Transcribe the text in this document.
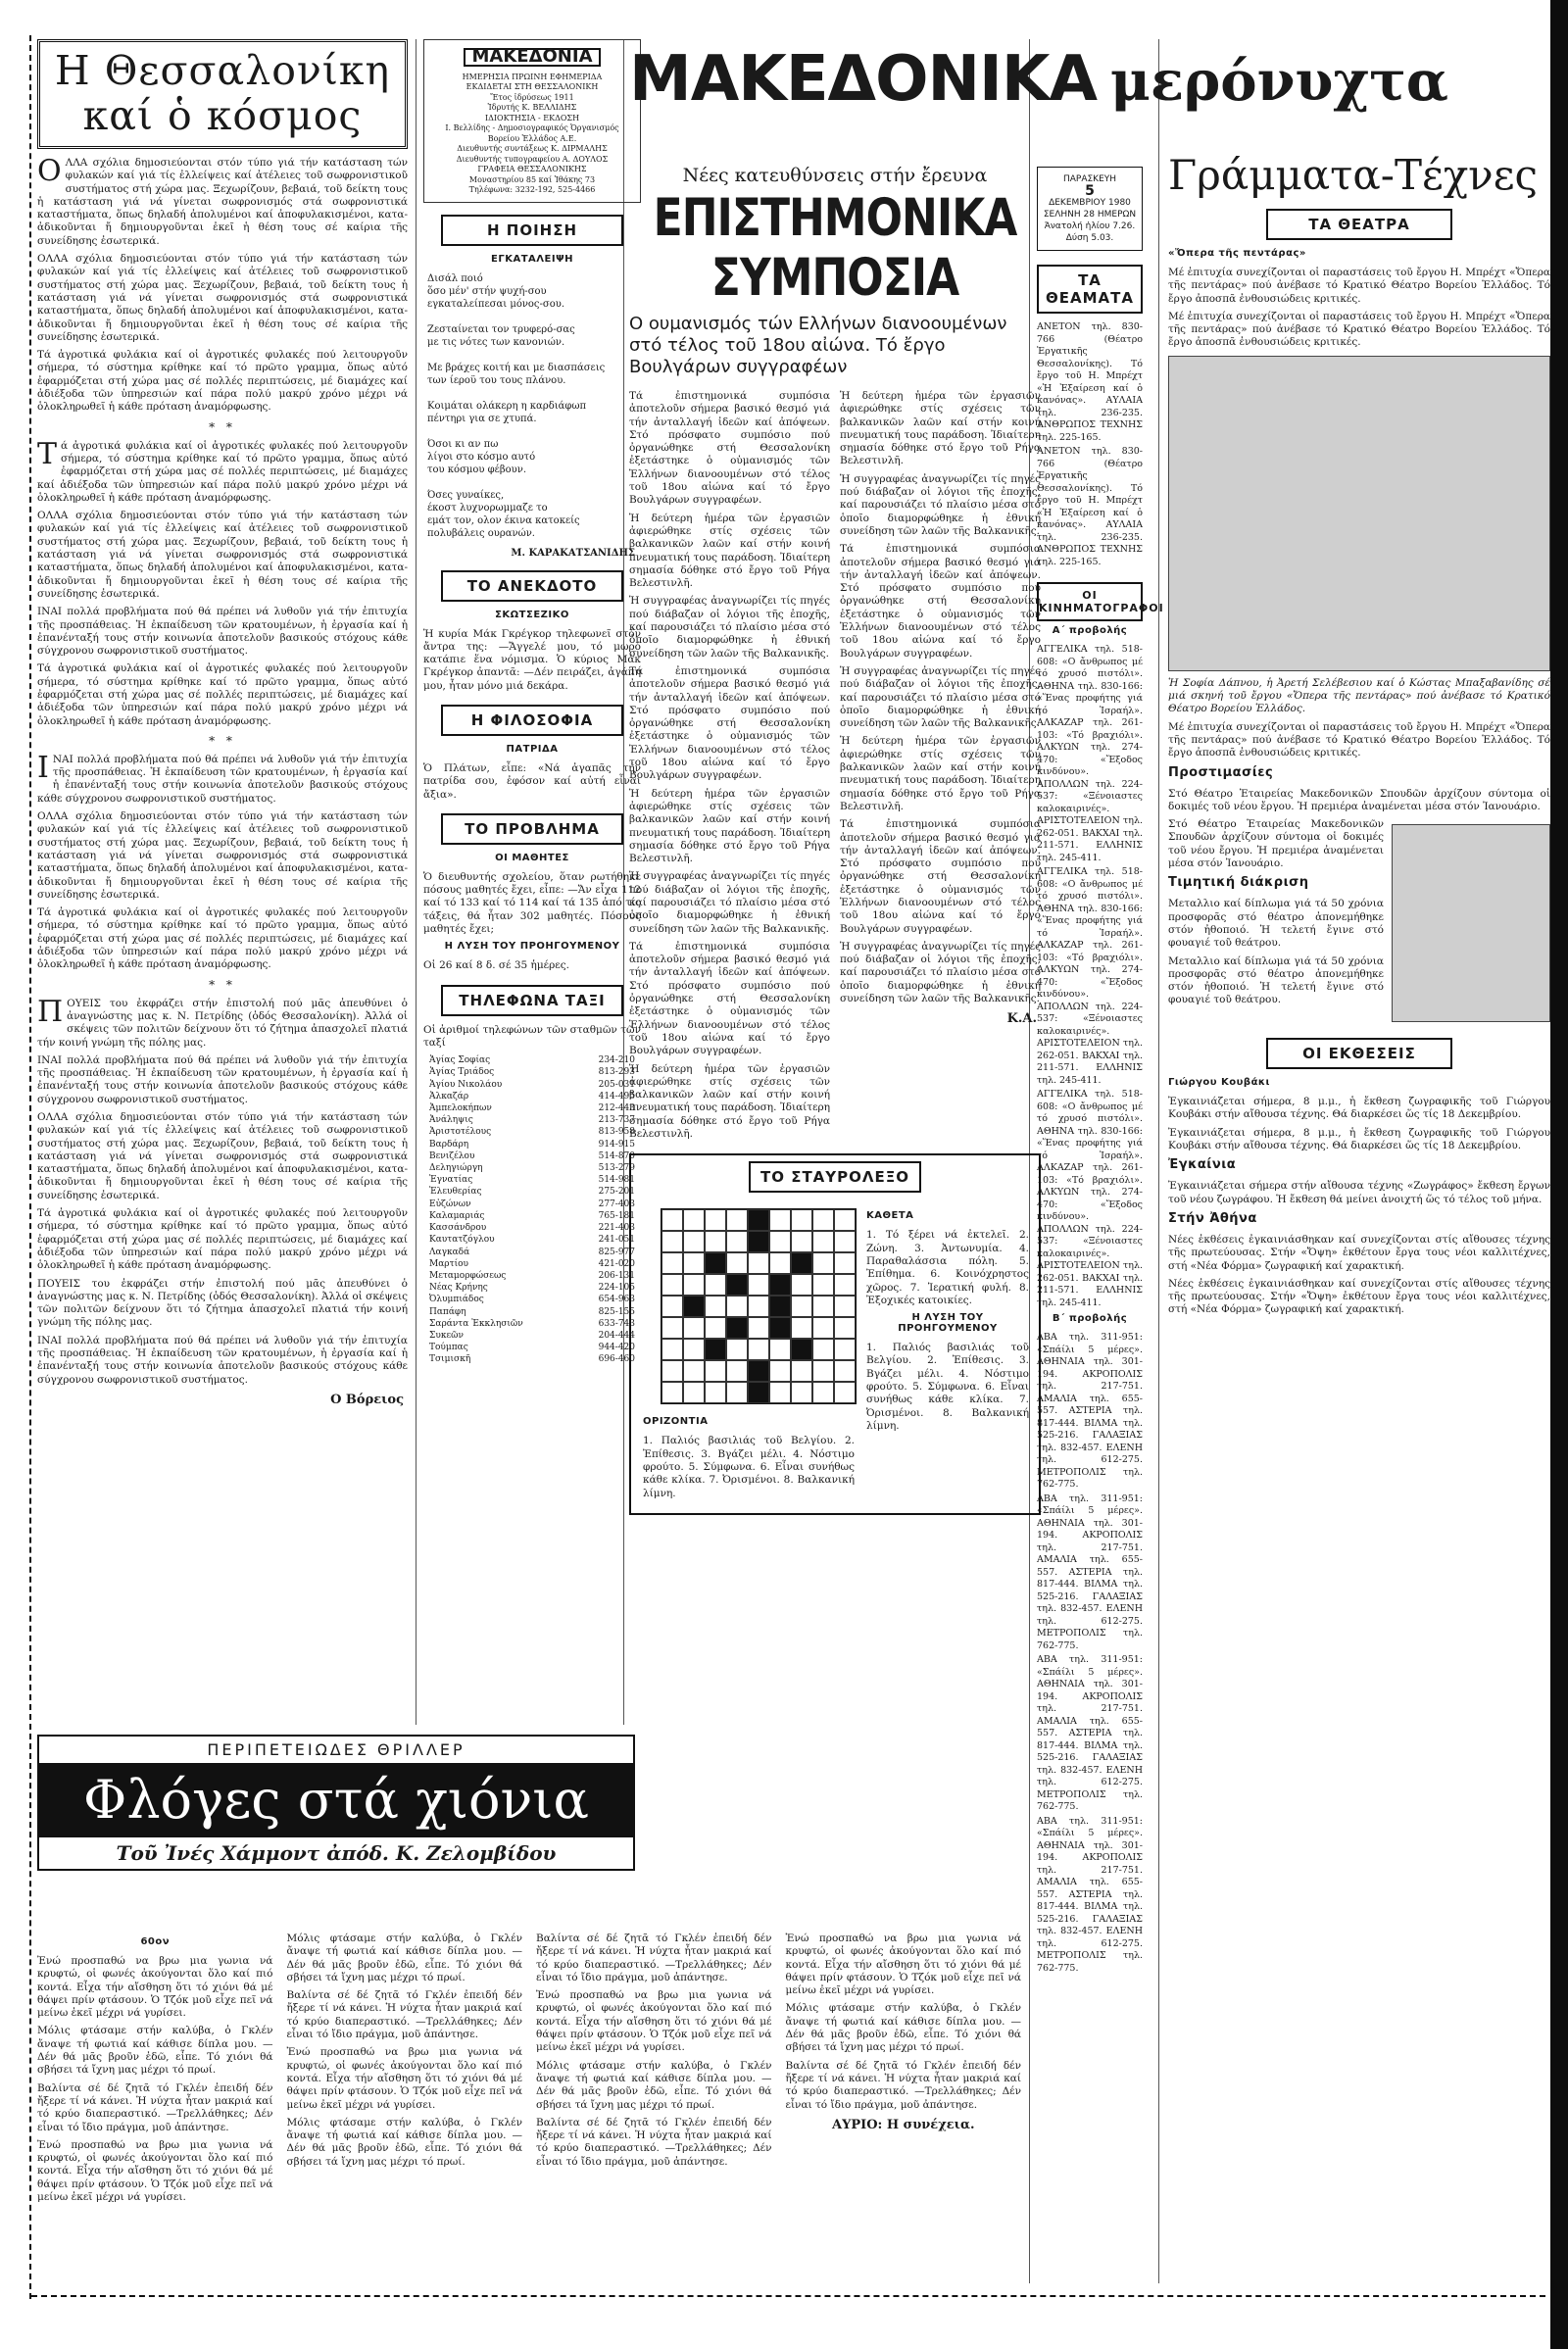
Η Θεσσαλονίκη καί ὁ κόσμος

ΟΛΛΑ σχόλια δημοσιεύονται στόν τύπο γιά τήν κατάσταση τών φυλακών καί γιά τίς ἐλλείψεις καί ἀτέλειες τοῦ σωφρονιστικοῦ συστήματος στή χώρα μας. Ξεχωρίζουν, βεβαιά, τοῦ δείκτη τους ἡ κατάσταση γιά νά γίνεται σωφρονισμός στά σωφρονιστικά καταστήματα, ὅπως δηλαδή ἀπολυμένοι καί ἀποφυλακισμένοι, κατα- ἀδικοῦνται ἤ δημιουργοῦνται ἐκεῖ ἡ θέση τους σέ καίρια τῆς συνείδησης ἐσωτερικά.

ΟΛΛΑ σχόλια δημοσιεύονται στόν τύπο γιά τήν κατάσταση τών φυλακών καί γιά τίς ἐλλείψεις καί ἀτέλειες τοῦ σωφρονιστικοῦ συστήματος στή χώρα μας. Ξεχωρίζουν, βεβαιά, τοῦ δείκτη τους ἡ κατάσταση γιά νά γίνεται σωφρονισμός στά σωφρονιστικά καταστήματα, ὅπως δηλαδή ἀπολυμένοι καί ἀποφυλακισμένοι, κατα- ἀδικοῦνται ἤ δημιουργοῦνται ἐκεῖ ἡ θέση τους σέ καίρια τῆς συνείδησης ἐσωτερικά.

Τά ἀγροτικά φυλάκια καί οἱ ἀγροτικές φυλακές πού λειτουργοῦν σήμερα, τό σύστημα κρίθηκε καί τό πρῶτο γραμμα, ὅπως αὐτό ἐφαρμόζεται στή χώρα μας σέ πολλές περιπτώσεις, μέ διαμάχες καί ἀδιέξοδα τῶν ὑπηρεσιών καί πάρα πολύ μακρύ χρόνο μέχρι νά ὁλοκληρωθεῖ ἡ κάθε πρόταση ἀναμόρφωσης.

* *

Τά ἀγροτικά φυλάκια καί οἱ ἀγροτικές φυλακές πού λειτουργοῦν σήμερα, τό σύστημα κρίθηκε καί τό πρῶτο γραμμα, ὅπως αὐτό ἐφαρμόζεται στή χώρα μας σέ πολλές περιπτώσεις, μέ διαμάχες καί ἀδιέξοδα τῶν ὑπηρεσιών καί πάρα πολύ μακρύ χρόνο μέχρι νά ὁλοκληρωθεῖ ἡ κάθε πρόταση ἀναμόρφωσης.

ΟΛΛΑ σχόλια δημοσιεύονται στόν τύπο γιά τήν κατάσταση τών φυλακών καί γιά τίς ἐλλείψεις καί ἀτέλειες τοῦ σωφρονιστικοῦ συστήματος στή χώρα μας. Ξεχωρίζουν, βεβαιά, τοῦ δείκτη τους ἡ κατάσταση γιά νά γίνεται σωφρονισμός στά σωφρονιστικά καταστήματα, ὅπως δηλαδή ἀπολυμένοι καί ἀποφυλακισμένοι, κατα- ἀδικοῦνται ἤ δημιουργοῦνται ἐκεῖ ἡ θέση τους σέ καίρια τῆς συνείδησης ἐσωτερικά.

ΙΝΑΙ πολλά προβλήματα πού θά πρέπει νά λυθοῦν γιά τήν ἐπιτυχία τῆς προσπάθειας. Ἡ ἐκπαίδευση τῶν κρατουμένων, ἡ ἐργασία καί ἡ ἐπανένταξή τους στήν κοινωνία ἀποτελοῦν βασικούς στόχους κάθε σύγχρονου σωφρονιστικοῦ συστήματος.

Τά ἀγροτικά φυλάκια καί οἱ ἀγροτικές φυλακές πού λειτουργοῦν σήμερα, τό σύστημα κρίθηκε καί τό πρῶτο γραμμα, ὅπως αὐτό ἐφαρμόζεται στή χώρα μας σέ πολλές περιπτώσεις, μέ διαμάχες καί ἀδιέξοδα τῶν ὑπηρεσιών καί πάρα πολύ μακρύ χρόνο μέχρι νά ὁλοκληρωθεῖ ἡ κάθε πρόταση ἀναμόρφωσης.

* *

ΙΝΑΙ πολλά προβλήματα πού θά πρέπει νά λυθοῦν γιά τήν ἐπιτυχία τῆς προσπάθειας. Ἡ ἐκπαίδευση τῶν κρατουμένων, ἡ ἐργασία καί ἡ ἐπανένταξή τους στήν κοινωνία ἀποτελοῦν βασικούς στόχους κάθε σύγχρονου σωφρονιστικοῦ συστήματος.

ΟΛΛΑ σχόλια δημοσιεύονται στόν τύπο γιά τήν κατάσταση τών φυλακών καί γιά τίς ἐλλείψεις καί ἀτέλειες τοῦ σωφρονιστικοῦ συστήματος στή χώρα μας. Ξεχωρίζουν, βεβαιά, τοῦ δείκτη τους ἡ κατάσταση γιά νά γίνεται σωφρονισμός στά σωφρονιστικά καταστήματα, ὅπως δηλαδή ἀπολυμένοι καί ἀποφυλακισμένοι, κατα- ἀδικοῦνται ἤ δημιουργοῦνται ἐκεῖ ἡ θέση τους σέ καίρια τῆς συνείδησης ἐσωτερικά.

Τά ἀγροτικά φυλάκια καί οἱ ἀγροτικές φυλακές πού λειτουργοῦν σήμερα, τό σύστημα κρίθηκε καί τό πρῶτο γραμμα, ὅπως αὐτό ἐφαρμόζεται στή χώρα μας σέ πολλές περιπτώσεις, μέ διαμάχες καί ἀδιέξοδα τῶν ὑπηρεσιών καί πάρα πολύ μακρύ χρόνο μέχρι νά ὁλοκληρωθεῖ ἡ κάθε πρόταση ἀναμόρφωσης.

* *

ΠΟΥΕΙΣ του ἐκφράζει στήν ἐπιστολή πού μᾶς ἀπευθύνει ὁ ἀναγνώστης μας κ. Ν. Πετρίδης (ὁδός Θεσσαλονίκη). Ἀλλά οἱ σκέψεις τῶν πολιτῶν δείχνουν ὅτι τό ζήτημα ἀπασχολεῖ πλατιά τήν κοινή γνώμη τῆς πόλης μας.

ΙΝΑΙ πολλά προβλήματα πού θά πρέπει νά λυθοῦν γιά τήν ἐπιτυχία τῆς προσπάθειας. Ἡ ἐκπαίδευση τῶν κρατουμένων, ἡ ἐργασία καί ἡ ἐπανένταξή τους στήν κοινωνία ἀποτελοῦν βασικούς στόχους κάθε σύγχρονου σωφρονιστικοῦ συστήματος.

ΟΛΛΑ σχόλια δημοσιεύονται στόν τύπο γιά τήν κατάσταση τών φυλακών καί γιά τίς ἐλλείψεις καί ἀτέλειες τοῦ σωφρονιστικοῦ συστήματος στή χώρα μας. Ξεχωρίζουν, βεβαιά, τοῦ δείκτη τους ἡ κατάσταση γιά νά γίνεται σωφρονισμός στά σωφρονιστικά καταστήματα, ὅπως δηλαδή ἀπολυμένοι καί ἀποφυλακισμένοι, κατα- ἀδικοῦνται ἤ δημιουργοῦνται ἐκεῖ ἡ θέση τους σέ καίρια τῆς συνείδησης ἐσωτερικά.

Τά ἀγροτικά φυλάκια καί οἱ ἀγροτικές φυλακές πού λειτουργοῦν σήμερα, τό σύστημα κρίθηκε καί τό πρῶτο γραμμα, ὅπως αὐτό ἐφαρμόζεται στή χώρα μας σέ πολλές περιπτώσεις, μέ διαμάχες καί ἀδιέξοδα τῶν ὑπηρεσιών καί πάρα πολύ μακρύ χρόνο μέχρι νά ὁλοκληρωθεῖ ἡ κάθε πρόταση ἀναμόρφωσης.

ΠΟΥΕΙΣ του ἐκφράζει στήν ἐπιστολή πού μᾶς ἀπευθύνει ὁ ἀναγνώστης μας κ. Ν. Πετρίδης (ὁδός Θεσσαλονίκη). Ἀλλά οἱ σκέψεις τῶν πολιτῶν δείχνουν ὅτι τό ζήτημα ἀπασχολεῖ πλατιά τήν κοινή γνώμη τῆς πόλης μας.

ΙΝΑΙ πολλά προβλήματα πού θά πρέπει νά λυθοῦν γιά τήν ἐπιτυχία τῆς προσπάθειας. Ἡ ἐκπαίδευση τῶν κρατουμένων, ἡ ἐργασία καί ἡ ἐπανένταξή τους στήν κοινωνία ἀποτελοῦν βασικούς στόχους κάθε σύγχρονου σωφρονιστικοῦ συστήματος.

Ο Βόρειος
ΜΑΚΕΔΟΝΙΑ
ΗΜΕΡΗΣΙΑ ΠΡΩΙΝΗ ΕΦΗΜΕΡΙΔΑ
ΕΚΔΙΔΕΤΑΙ ΣΤΗ ΘΕΣΣΑΛΟΝΙΚΗ
Ἔτος ἱδρύσεως 1911
Ἱδρυτής Κ. ΒΕΛΛΙΔΗΣ
ΙΔΙΟΚΤΗΣΙΑ - ΕΚΔΟΣΗ
Ι. Βελλίδης - Δημοσιογραφικός Ὀργανισμός Βορείου Ἑλλάδος Α.Ε.
Διευθυντής συντάξεως Κ. ΔΙΡΜΑΛΗΣ
Διευθυντής τυπογραφείου Α. ΔΟΥΛΟΣ
ΓΡΑΦΕΙΑ ΘΕΣΣΑΛΟΝΙΚΗΣ
Μοναστηρίου 85 καί Ἰθάκης 73
Τηλέφωνα: 3232-192, 525-4466
Η ΠΟΙΗΣΗ
ΕΓΚΑΤΑΛΕΙΨΗ
Δισάλ ποιό
ὅσο μέν' στήν ψυχή-σου
εγκαταλείπεσαι μόνος-σου.

Ζεσταίνεται τον τρυφερό-σας
με τις νότες των κανονιών.

Με βράχες κοιτή και με διασπάσεις
των ίεροϋ του τους πλάνου.

Κοιμάται ολάκερη η καρδιάφωπ
πέντηρι για σε χτυπά.

Όσοι κι αν πω
λίγοι στο κόσμο αυτό
του κόσμου φέβουν.

Όσες γυναίκες,
έκοστ λυχνορωμμαζε το
εμάτ τον, ολον έκινα κατοκείς
πολυβάλεις ουρανών.
Μ. ΚΑΡΑΚΑΤΣΑΝΙΔΗΣ
ΤΟ ΑΝΕΚΔΟΤΟ
ΣΚΩΤΣΕΖΙΚΟ

Ἡ κυρία Μάκ Γκρέγκορ τηλεφωνεῖ στόν ἄντρα της: —Ἄγγελέ μου, τό μωρό κατάπιε ἕνα νόμισμα. Ὁ κύριος Μάκ Γκρέγκορ ἀπαντᾶ: —Δέν πειράζει, ἀγάπη μου, ἦταν μόνο μιά δεκάρα.

Η ΦΙΛΟΣΟΦΙΑ
ΠΑΤΡΙΔΑ

Ὁ Πλάτων, εἶπε: «Νά ἀγαπᾶς τήν πατρίδα σου, ἐφόσον καί αὐτή εἶναι ἄξια».

ΤΟ ΠΡΟΒΛΗΜΑ
ΟΙ ΜΑΘΗΤΕΣ

Ὁ διευθυντής σχολείου, ὅταν ρωτήθηκε πόσους μαθητές ἔχει, εἶπε: —Ἄν εἶχα 112 καί τό 133 καί τό 114 καί τά 135 ἀπό τίς τάξεις, θά ἦταν 302 μαθητές. Πόσους μαθητές ἔχει;

Η ΛΥΣΗ ΤΟΥ ΠΡΟΗΓΟΥΜΕΝΟΥ

Οἱ 26 καί 8 δ. σέ 35 ἡμέρες.

ΤΗΛΕΦΩΝΑ ΤΑΞΙ

Οἱ ἀριθμοί τηλεφώνων τῶν σταθμῶν τῶν ταξί

Ἁγίας Σοφίας	234-210
Ἁγίας Τριάδος	813-293
Ἁγίου Νικολάου	205-031
Ἀλκαζάρ	414-495
Ἀμπελοκήπων	212-443
Ἀνάληψις	213-737
Ἀριστοτέλους	813-958
Βαρδάρη	914-915
Βενιζέλου	514-870
Δεληγιώργη	513-279
Ἐγνατίας	514-981
Ἐλευθερίας	275-201
Εὐζώνων	277-403
Καλαμαριάς	765-181
Κασσάνδρου	221-403
Καυτατζόγλου	241-051
Λαγκαδά	825-977
Μαρτίου	421-020
Μεταμορφώσεως	206-131
Νέας Κρήνης	224-105
Ὀλυμπιάδος	654-963
Παπάφη	825-155
Σαράντα Ἐκκλησιῶν	633-743
Συκεῶν	204-444
Τούμπας	944-420
Τσιμισκῆ	696-460
ΜΑΚΕΔΟΝΙΚΑ μερόνυχτα
Νέες κατευθύνσεις στήν ἔρευνα
ΕΠΙΣΤΗΜΟΝΙΚΑ ΣΥΜΠΟΣΙΑ
Ο ουμανισμός τών Ελλήνων διανοουμένων στό τέλος τοῦ 18ου αἰώνα. Τό ἔργο Βουλγάρων συγγραφέων

Τά ἐπιστημονικά συμπόσια ἀποτελοῦν σήμερα βασικό θεσμό γιά τήν ἀνταλλαγή ἰδεῶν καί ἀπόψεων. Στό πρόσφατο συμπόσιο πού ὀργανώθηκε στή Θεσσαλονίκη ἐξετάστηκε ὁ οὐμανισμός τῶν Ἑλλήνων διανοουμένων στό τέλος τοῦ 18ου αἰώνα καί τό ἔργο Βουλγάρων συγγραφέων.

Ἡ δεύτερη ἡμέρα τῶν ἐργασιῶν ἀφιερώθηκε στίς σχέσεις τῶν βαλκανικῶν λαῶν καί στήν κοινή πνευματική τους παράδοση. Ἰδιαίτερη σημασία δόθηκε στό ἔργο τοῦ Ρήγα Βελεστινλῆ.

Ἡ συγγραφέας ἀναγνωρίζει τίς πηγές πού διάβαζαν οἱ λόγιοι τῆς ἐποχῆς, καί παρουσιάζει τό πλαίσιο μέσα στό ὁποῖο διαμορφώθηκε ἡ ἐθνική συνείδηση τῶν λαῶν τῆς Βαλκανικῆς.

Τά ἐπιστημονικά συμπόσια ἀποτελοῦν σήμερα βασικό θεσμό γιά τήν ἀνταλλαγή ἰδεῶν καί ἀπόψεων. Στό πρόσφατο συμπόσιο πού ὀργανώθηκε στή Θεσσαλονίκη ἐξετάστηκε ὁ οὐμανισμός τῶν Ἑλλήνων διανοουμένων στό τέλος τοῦ 18ου αἰώνα καί τό ἔργο Βουλγάρων συγγραφέων.

Ἡ δεύτερη ἡμέρα τῶν ἐργασιῶν ἀφιερώθηκε στίς σχέσεις τῶν βαλκανικῶν λαῶν καί στήν κοινή πνευματική τους παράδοση. Ἰδιαίτερη σημασία δόθηκε στό ἔργο τοῦ Ρήγα Βελεστινλῆ.

Ἡ συγγραφέας ἀναγνωρίζει τίς πηγές πού διάβαζαν οἱ λόγιοι τῆς ἐποχῆς, καί παρουσιάζει τό πλαίσιο μέσα στό ὁποῖο διαμορφώθηκε ἡ ἐθνική συνείδηση τῶν λαῶν τῆς Βαλκανικῆς.

Τά ἐπιστημονικά συμπόσια ἀποτελοῦν σήμερα βασικό θεσμό γιά τήν ἀνταλλαγή ἰδεῶν καί ἀπόψεων. Στό πρόσφατο συμπόσιο πού ὀργανώθηκε στή Θεσσαλονίκη ἐξετάστηκε ὁ οὐμανισμός τῶν Ἑλλήνων διανοουμένων στό τέλος τοῦ 18ου αἰώνα καί τό ἔργο Βουλγάρων συγγραφέων.

Ἡ δεύτερη ἡμέρα τῶν ἐργασιῶν ἀφιερώθηκε στίς σχέσεις τῶν βαλκανικῶν λαῶν καί στήν κοινή πνευματική τους παράδοση. Ἰδιαίτερη σημασία δόθηκε στό ἔργο τοῦ Ρήγα Βελεστινλῆ.

Ἡ δεύτερη ἡμέρα τῶν ἐργασιῶν ἀφιερώθηκε στίς σχέσεις τῶν βαλκανικῶν λαῶν καί στήν κοινή πνευματική τους παράδοση. Ἰδιαίτερη σημασία δόθηκε στό ἔργο τοῦ Ρήγα Βελεστινλῆ.

Ἡ συγγραφέας ἀναγνωρίζει τίς πηγές πού διάβαζαν οἱ λόγιοι τῆς ἐποχῆς, καί παρουσιάζει τό πλαίσιο μέσα στό ὁποῖο διαμορφώθηκε ἡ ἐθνική συνείδηση τῶν λαῶν τῆς Βαλκανικῆς.

Τά ἐπιστημονικά συμπόσια ἀποτελοῦν σήμερα βασικό θεσμό γιά τήν ἀνταλλαγή ἰδεῶν καί ἀπόψεων. Στό πρόσφατο συμπόσιο πού ὀργανώθηκε στή Θεσσαλονίκη ἐξετάστηκε ὁ οὐμανισμός τῶν Ἑλλήνων διανοουμένων στό τέλος τοῦ 18ου αἰώνα καί τό ἔργο Βουλγάρων συγγραφέων.

Ἡ συγγραφέας ἀναγνωρίζει τίς πηγές πού διάβαζαν οἱ λόγιοι τῆς ἐποχῆς, καί παρουσιάζει τό πλαίσιο μέσα στό ὁποῖο διαμορφώθηκε ἡ ἐθνική συνείδηση τῶν λαῶν τῆς Βαλκανικῆς.

Ἡ δεύτερη ἡμέρα τῶν ἐργασιῶν ἀφιερώθηκε στίς σχέσεις τῶν βαλκανικῶν λαῶν καί στήν κοινή πνευματική τους παράδοση. Ἰδιαίτερη σημασία δόθηκε στό ἔργο τοῦ Ρήγα Βελεστινλῆ.

Τά ἐπιστημονικά συμπόσια ἀποτελοῦν σήμερα βασικό θεσμό γιά τήν ἀνταλλαγή ἰδεῶν καί ἀπόψεων. Στό πρόσφατο συμπόσιο πού ὀργανώθηκε στή Θεσσαλονίκη ἐξετάστηκε ὁ οὐμανισμός τῶν Ἑλλήνων διανοουμένων στό τέλος τοῦ 18ου αἰώνα καί τό ἔργο Βουλγάρων συγγραφέων.

Ἡ συγγραφέας ἀναγνωρίζει τίς πηγές πού διάβαζαν οἱ λόγιοι τῆς ἐποχῆς, καί παρουσιάζει τό πλαίσιο μέσα στό ὁποῖο διαμορφώθηκε ἡ ἐθνική συνείδηση τῶν λαῶν τῆς Βαλκανικῆς.

Κ.Α.
ΤΟ ΣΤΑΥΡΟΛΕΞΟ
ΟΡΙΖΟΝΤΙΑ

1. Παλιός βασιλιάς τοῦ Βελγίου. 2. Ἐπίθεσις. 3. Βγάζει μέλι. 4. Νόστιμο φρούτο. 5. Σύμφωνα. 6. Εἶναι συνήθως κάθε κλίκα. 7. Ὀρισμένοι. 8. Βαλκανική λίμνη.

ΚΑΘΕΤΑ

1. Τό ξέρει νά ἐκτελεῖ. 2. Ζώνη. 3. Ἀντωνυμία. 4. Παραθαλάσσια πόλη. 5. Ἐπίθημα. 6. Κοινόχρηστος χῶρος. 7. Ἱερατική φυλή. 8. Ἐξοχικές κατοικίες.

Η ΛΥΣΗ ΤΟΥ ΠΡΟΗΓΟΥΜΕΝΟΥ

1. Παλιός βασιλιάς τοῦ Βελγίου. 2. Ἐπίθεσις. 3. Βγάζει μέλι. 4. Νόστιμο φρούτο. 5. Σύμφωνα. 6. Εἶναι συνήθως κάθε κλίκα. 7. Ὀρισμένοι. 8. Βαλκανική λίμνη.

ΠΑΡΑΣΚΕΥΗ
5
ΔΕΚΕΜΒΡΙΟΥ 1980
ΣΕΛΗΝΗ 28 ΗΜΕΡΩΝ
Ἀνατολή ἡλίου 7.26. Δύση 5.03.
ΤΑ ΘΕΑΜΑΤΑ

ΑΝΕΤΟΝ τηλ. 830-766 (Θέατρο Ἐργατικῆς Θεσσαλονίκης). Τό ἔργο τοῦ Η. Μπρέχτ «Ἡ Ἐξαίρεση καί ὁ κανόνας». ΑΥΛΑΙΑ τηλ. 236-235. ΑΝΘΡΩΠΟΣ ΤΕΧΝΗΣ τηλ. 225-165.

ΑΝΕΤΟΝ τηλ. 830-766 (Θέατρο Ἐργατικῆς Θεσσαλονίκης). Τό ἔργο τοῦ Η. Μπρέχτ «Ἡ Ἐξαίρεση καί ὁ κανόνας». ΑΥΛΑΙΑ τηλ. 236-235. ΑΝΘΡΩΠΟΣ ΤΕΧΝΗΣ τηλ. 225-165.

ΟΙ ΚΙΝΗΜΑΤΟΓΡΑΦΟΙ
Α΄ προβολής

ΑΓΓΕΛΙΚΑ τηλ. 518-608: «Ο ἄνθρωπος μέ τό χρυσό πιστόλι». ΑΘΗΝΑ τηλ. 830-166: «Ἕνας προφήτης γιά τό Ἰσραήλ». ΑΛΚΑΖΑΡ τηλ. 261-103: «Τό βραχιόλι». ΑΛΚΥΩΝ τηλ. 274-470: «Ἔξοδος κινδύνου». ΑΠΟΛΛΩΝ τηλ. 224-537: «Ξένοιαστες καλοκαιρινές». ΑΡΙΣΤΟΤΕΛΕΙΟΝ τηλ. 262-051. ΒΑΚΧΑΙ τηλ. 211-571. ΕΛΛΗΝΙΣ τηλ. 245-411.

ΑΓΓΕΛΙΚΑ τηλ. 518-608: «Ο ἄνθρωπος μέ τό χρυσό πιστόλι». ΑΘΗΝΑ τηλ. 830-166: «Ἕνας προφήτης γιά τό Ἰσραήλ». ΑΛΚΑΖΑΡ τηλ. 261-103: «Τό βραχιόλι». ΑΛΚΥΩΝ τηλ. 274-470: «Ἔξοδος κινδύνου». ΑΠΟΛΛΩΝ τηλ. 224-537: «Ξένοιαστες καλοκαιρινές». ΑΡΙΣΤΟΤΕΛΕΙΟΝ τηλ. 262-051. ΒΑΚΧΑΙ τηλ. 211-571. ΕΛΛΗΝΙΣ τηλ. 245-411.

ΑΓΓΕΛΙΚΑ τηλ. 518-608: «Ο ἄνθρωπος μέ τό χρυσό πιστόλι». ΑΘΗΝΑ τηλ. 830-166: «Ἕνας προφήτης γιά τό Ἰσραήλ». ΑΛΚΑΖΑΡ τηλ. 261-103: «Τό βραχιόλι». ΑΛΚΥΩΝ τηλ. 274-470: «Ἔξοδος κινδύνου». ΑΠΟΛΛΩΝ τηλ. 224-537: «Ξένοιαστες καλοκαιρινές». ΑΡΙΣΤΟΤΕΛΕΙΟΝ τηλ. 262-051. ΒΑΚΧΑΙ τηλ. 211-571. ΕΛΛΗΝΙΣ τηλ. 245-411.

Β΄ προβολής

ΑΒΑ τηλ. 311-951: «Σπάίλι 5 μέρες». ΑΘΗΝΑΙΑ τηλ. 301-194. ΑΚΡΟΠΟΛΙΣ τηλ. 217-751. ΑΜΑΛΙΑ τηλ. 655-557. ΑΣΤΕΡΙΑ τηλ. 817-444. ΒΙΛΜΑ τηλ. 525-216. ΓΑΛΑΞΙΑΣ τηλ. 832-457. ΕΛΕΝΗ τηλ. 612-275. ΜΕΤΡΟΠΟΛΙΣ τηλ. 762-775.

ΑΒΑ τηλ. 311-951: «Σπάίλι 5 μέρες». ΑΘΗΝΑΙΑ τηλ. 301-194. ΑΚΡΟΠΟΛΙΣ τηλ. 217-751. ΑΜΑΛΙΑ τηλ. 655-557. ΑΣΤΕΡΙΑ τηλ. 817-444. ΒΙΛΜΑ τηλ. 525-216. ΓΑΛΑΞΙΑΣ τηλ. 832-457. ΕΛΕΝΗ τηλ. 612-275. ΜΕΤΡΟΠΟΛΙΣ τηλ. 762-775.

ΑΒΑ τηλ. 311-951: «Σπάίλι 5 μέρες». ΑΘΗΝΑΙΑ τηλ. 301-194. ΑΚΡΟΠΟΛΙΣ τηλ. 217-751. ΑΜΑΛΙΑ τηλ. 655-557. ΑΣΤΕΡΙΑ τηλ. 817-444. ΒΙΛΜΑ τηλ. 525-216. ΓΑΛΑΞΙΑΣ τηλ. 832-457. ΕΛΕΝΗ τηλ. 612-275. ΜΕΤΡΟΠΟΛΙΣ τηλ. 762-775.

ΑΒΑ τηλ. 311-951: «Σπάίλι 5 μέρες». ΑΘΗΝΑΙΑ τηλ. 301-194. ΑΚΡΟΠΟΛΙΣ τηλ. 217-751. ΑΜΑΛΙΑ τηλ. 655-557. ΑΣΤΕΡΙΑ τηλ. 817-444. ΒΙΛΜΑ τηλ. 525-216. ΓΑΛΑΞΙΑΣ τηλ. 832-457. ΕΛΕΝΗ τηλ. 612-275. ΜΕΤΡΟΠΟΛΙΣ τηλ. 762-775.

Γράμματα-Τέχνες
ΤΑ ΘΕΑΤΡΑ
«Ὄπερα τῆς πεντάρας»

Μέ ἐπιτυχία συνεχίζονται οἱ παραστάσεις τοῦ ἔργου Η. Μπρέχτ «Ὄπερα τῆς πεντάρας» πού ἀνέβασε τό Κρατικό Θέατρο Βορείου Ἑλλάδος. Τό ἔργο ἀποσπᾶ ἐνθουσιώδεις κριτικές.

Μέ ἐπιτυχία συνεχίζονται οἱ παραστάσεις τοῦ ἔργου Η. Μπρέχτ «Ὄπερα τῆς πεντάρας» πού ἀνέβασε τό Κρατικό Θέατρο Βορείου Ἑλλάδος. Τό ἔργο ἀποσπᾶ ἐνθουσιώδεις κριτικές.

Ἡ Σοφία Δάπνου, ἡ Ἀρετή Σελέβεσιου καί ὁ Κώστας Μπαξαβανίδης σέ μιά σκηνή τοῦ ἔργου «Ὄπερα τῆς πεντάρας» πού ἀνέβασε τό Κρατικό Θέατρο Βορείου Ἑλλάδος.

Μέ ἐπιτυχία συνεχίζονται οἱ παραστάσεις τοῦ ἔργου Η. Μπρέχτ «Ὄπερα τῆς πεντάρας» πού ἀνέβασε τό Κρατικό Θέατρο Βορείου Ἑλλάδος. Τό ἔργο ἀποσπᾶ ἐνθουσιώδεις κριτικές.

Προστιμασίες

Στό Θέατρο Ἑταιρείας Μακεδονικῶν Σπουδῶν ἀρχίζουν σύντομα οἱ δοκιμές τοῦ νέου ἔργου. Ἡ πρεμιέρα ἀναμένεται μέσα στόν Ἰανουάριο.

Στό Θέατρο Ἑταιρείας Μακεδονικῶν Σπουδῶν ἀρχίζουν σύντομα οἱ δοκιμές τοῦ νέου ἔργου. Ἡ πρεμιέρα ἀναμένεται μέσα στόν Ἰανουάριο.

Τιμητική διάκριση

Μεταλλιο καί δίπλωμα γιά τά 50 χρόνια προσφορᾶς στό θέατρο ἀπονεμήθηκε στόν ἠθοποιό. Ἡ τελετή ἔγινε στό φουαγιέ τοῦ θεάτρου.

Μεταλλιο καί δίπλωμα γιά τά 50 χρόνια προσφορᾶς στό θέατρο ἀπονεμήθηκε στόν ἠθοποιό. Ἡ τελετή ἔγινε στό φουαγιέ τοῦ θεάτρου.

ΟΙ ΕΚΘΕΣΕΙΣ
Γιώργου Κουβάκι

Ἐγκαινιάζεται σήμερα, 8 μ.μ., ἡ ἔκθεση ζωγραφικῆς τοῦ Γιώργου Κουβάκι στήν αἴθουσα τέχνης. Θά διαρκέσει ὥς τίς 18 Δεκεμβρίου.

Ἐγκαινιάζεται σήμερα, 8 μ.μ., ἡ ἔκθεση ζωγραφικῆς τοῦ Γιώργου Κουβάκι στήν αἴθουσα τέχνης. Θά διαρκέσει ὥς τίς 18 Δεκεμβρίου.

Ἐγκαίνια

Ἐγκαινιάζεται σήμερα στήν αἴθουσα τέχνης «Ζωγράφος» ἔκθεση ἔργων τοῦ νέου ζωγράφου. Ἡ ἔκθεση θά μείνει ἀνοιχτή ὥς τό τέλος τοῦ μήνα.

Στήν Ἀθήνα

Νέες ἐκθέσεις ἐγκαινιάσθηκαν καί συνεχίζονται στίς αἴθουσες τέχνης τῆς πρωτεύουσας. Στήν «Ὄψη» ἐκθέτουν ἔργα τους νέοι καλλιτέχνες, στή «Νέα Φόρμα» ζωγραφική καί χαρακτική.

Νέες ἐκθέσεις ἐγκαινιάσθηκαν καί συνεχίζονται στίς αἴθουσες τέχνης τῆς πρωτεύουσας. Στήν «Ὄψη» ἐκθέτουν ἔργα τους νέοι καλλιτέχνες, στή «Νέα Φόρμα» ζωγραφική καί χαρακτική.

ΠΕΡΙΠΕΤΕΙΩΔΕΣ ΘΡΙΛΛΕΡ
Φλόγες στά χιόνια
Τοῦ Ἰνές Χάμμοντ ἀπόδ. Κ. Ζελομβίδου
60ον

Ἐνώ προσπαθώ να βρω μια γωνια νά κρυφτώ, οἱ φωνές ἀκούγονται ὅλο καί πιό κοντά. Εἶχα τήν αἴσθηση ὅτι τό χιόνι θά μέ θάψει πρίν φτάσουν. Ὁ Τζόκ μοῦ εἶχε πεῖ νά μείνω ἐκεῖ μέχρι νά γυρίσει.

Μόλις φτάσαμε στήν καλύβα, ὁ Γκλέν ἄναψε τή φωτιά καί κάθισε δίπλα μου. —Δέν θά μᾶς βροῦν ἐδῶ, εἶπε. Τό χιόνι θά σβήσει τά ἴχνη μας μέχρι τό πρωί.

Βαλίντα σέ δέ ζητᾶ τό Γκλέν ἐπειδή δέν ἤξερε τί νά κάνει. Ἡ νύχτα ἦταν μακριά καί τό κρύο διαπεραστικό. —Τρελλάθηκες; Δέν εἶναι τό ἴδιο πράγμα, μοῦ ἀπάντησε.

Ἐνώ προσπαθώ να βρω μια γωνια νά κρυφτώ, οἱ φωνές ἀκούγονται ὅλο καί πιό κοντά. Εἶχα τήν αἴσθηση ὅτι τό χιόνι θά μέ θάψει πρίν φτάσουν. Ὁ Τζόκ μοῦ εἶχε πεῖ νά μείνω ἐκεῖ μέχρι νά γυρίσει.

Μόλις φτάσαμε στήν καλύβα, ὁ Γκλέν ἄναψε τή φωτιά καί κάθισε δίπλα μου. —Δέν θά μᾶς βροῦν ἐδῶ, εἶπε. Τό χιόνι θά σβήσει τά ἴχνη μας μέχρι τό πρωί.

Βαλίντα σέ δέ ζητᾶ τό Γκλέν ἐπειδή δέν ἤξερε τί νά κάνει. Ἡ νύχτα ἦταν μακριά καί τό κρύο διαπεραστικό. —Τρελλάθηκες; Δέν εἶναι τό ἴδιο πράγμα, μοῦ ἀπάντησε.

Ἐνώ προσπαθώ να βρω μια γωνια νά κρυφτώ, οἱ φωνές ἀκούγονται ὅλο καί πιό κοντά. Εἶχα τήν αἴσθηση ὅτι τό χιόνι θά μέ θάψει πρίν φτάσουν. Ὁ Τζόκ μοῦ εἶχε πεῖ νά μείνω ἐκεῖ μέχρι νά γυρίσει.

Μόλις φτάσαμε στήν καλύβα, ὁ Γκλέν ἄναψε τή φωτιά καί κάθισε δίπλα μου. —Δέν θά μᾶς βροῦν ἐδῶ, εἶπε. Τό χιόνι θά σβήσει τά ἴχνη μας μέχρι τό πρωί.

Βαλίντα σέ δέ ζητᾶ τό Γκλέν ἐπειδή δέν ἤξερε τί νά κάνει. Ἡ νύχτα ἦταν μακριά καί τό κρύο διαπεραστικό. —Τρελλάθηκες; Δέν εἶναι τό ἴδιο πράγμα, μοῦ ἀπάντησε.

Ἐνώ προσπαθώ να βρω μια γωνια νά κρυφτώ, οἱ φωνές ἀκούγονται ὅλο καί πιό κοντά. Εἶχα τήν αἴσθηση ὅτι τό χιόνι θά μέ θάψει πρίν φτάσουν. Ὁ Τζόκ μοῦ εἶχε πεῖ νά μείνω ἐκεῖ μέχρι νά γυρίσει.

Μόλις φτάσαμε στήν καλύβα, ὁ Γκλέν ἄναψε τή φωτιά καί κάθισε δίπλα μου. —Δέν θά μᾶς βροῦν ἐδῶ, εἶπε. Τό χιόνι θά σβήσει τά ἴχνη μας μέχρι τό πρωί.

Βαλίντα σέ δέ ζητᾶ τό Γκλέν ἐπειδή δέν ἤξερε τί νά κάνει. Ἡ νύχτα ἦταν μακριά καί τό κρύο διαπεραστικό. —Τρελλάθηκες; Δέν εἶναι τό ἴδιο πράγμα, μοῦ ἀπάντησε.

Ἐνώ προσπαθώ να βρω μια γωνια νά κρυφτώ, οἱ φωνές ἀκούγονται ὅλο καί πιό κοντά. Εἶχα τήν αἴσθηση ὅτι τό χιόνι θά μέ θάψει πρίν φτάσουν. Ὁ Τζόκ μοῦ εἶχε πεῖ νά μείνω ἐκεῖ μέχρι νά γυρίσει.

Μόλις φτάσαμε στήν καλύβα, ὁ Γκλέν ἄναψε τή φωτιά καί κάθισε δίπλα μου. —Δέν θά μᾶς βροῦν ἐδῶ, εἶπε. Τό χιόνι θά σβήσει τά ἴχνη μας μέχρι τό πρωί.

Βαλίντα σέ δέ ζητᾶ τό Γκλέν ἐπειδή δέν ἤξερε τί νά κάνει. Ἡ νύχτα ἦταν μακριά καί τό κρύο διαπεραστικό. —Τρελλάθηκες; Δέν εἶναι τό ἴδιο πράγμα, μοῦ ἀπάντησε.

ΑΥΡΙΟ: Η συνέχεια.
